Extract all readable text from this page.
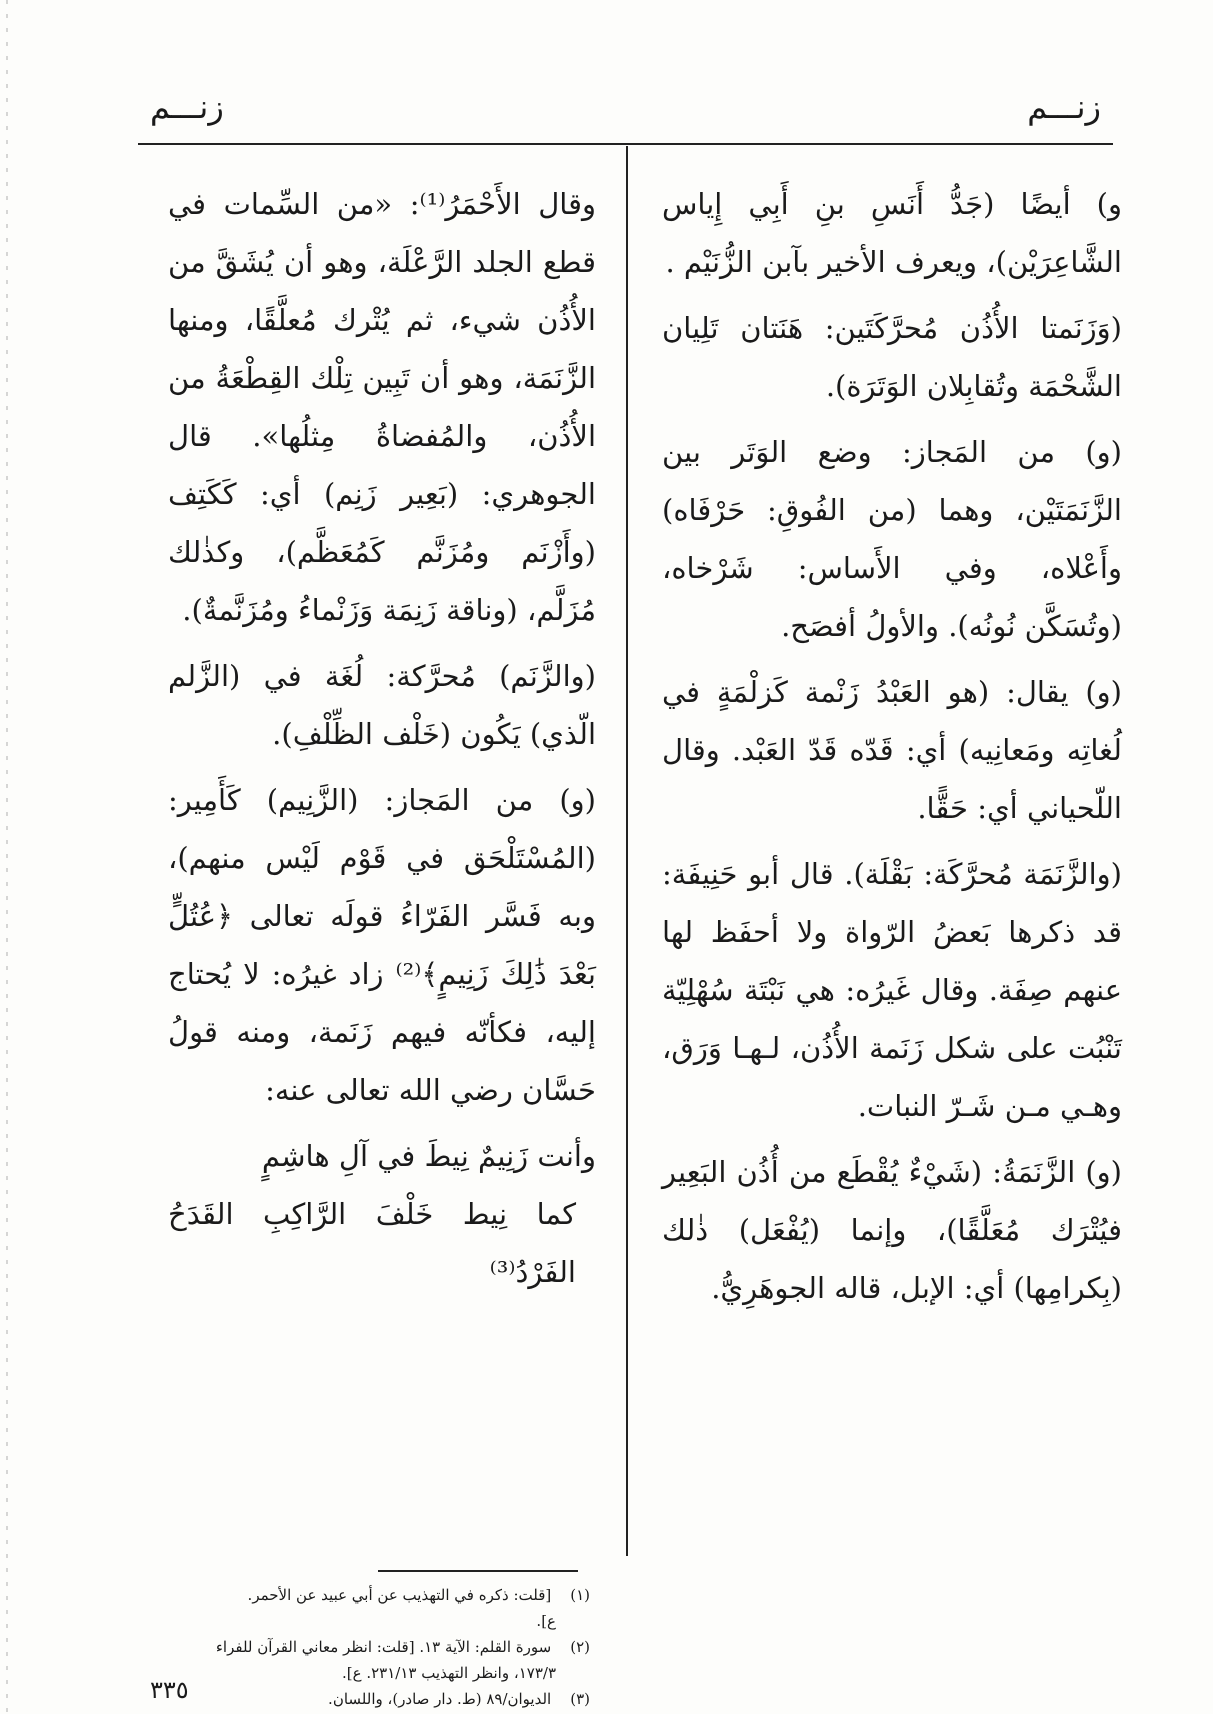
زنـــم
زنـــم

و) أيضًا (جَدُّ أَنَسِ بنِ أَبِي إِياس الشَّاعِرَيْن)، ويعرف الأخير بآبن الزُّنَيْم .

(وَزَنَمتا الأُذُن مُحرَّكَتَين: هَنَتان تَلِيان الشَّحْمَة وتُقابِلان الوَتَرَة).

(و) من المَجاز: وضع الوَتَر بين الزَّنَمَتَيْن، وهما (من الفُوقِ: حَرْفَاه) وأَعْلاه، وفي الأَساس: شَرْخاه، (وتُسَكَّن نُونُه). والأولُ أفصَح.

(و) يقال: (هو العَبْدُ زَنْمة كَزلْمَةٍ في لُغاتِه ومَعانِيه) أي: قَدّه قَدّ العَبْد. وقال اللّحياني أي: حَقًّا.

(والزَّنَمَة مُحرَّكَة: بَقْلَة). قال أبو حَنِيفَة: قد ذكرها بَعضُ الرّواة ولا أحفَظ لها عنهم صِفَة. وقال غَيرُه: هي نَبْتَة سُهْلِيّة تَنْبُت على شكل زَنَمة الأُذُن، لـهـا وَرَق، وهـي مـن شَـرّ النبات.

(و) الزَّنَمَةُ: (شَيْءٌ يُقْطَع من أُذُن البَعِير فيُتْرَك مُعَلَّقًا)، وإنما (يُفْعَل) ذٰلك (بِكرامِها) أي: الإبل، قاله الجوهَرِيُّ.

وقال الأَحْمَرُ⁽¹⁾: «من السِّمات في قطع الجلد الرَّعْلَة، وهو أن يُشَقَّ من الأُذُن شيء، ثم يُتْرك مُعلَّقًا، ومنها الزَّنَمَة، وهو أن تَبِين تِلْك القِطْعَةُ من الأُذُن، والمُفضاةُ مِثلُها». قال الجوهري: (بَعِير زَنِم) أي: كَكَتِف (وأَزْنَم ومُزَنَّم كَمُعَظَّم)، وكذٰلك مُزَلَّم، (وناقة زَنِمَة وَزَنْماءُ ومُزَنَّمةٌ).

(والزَّنَم) مُحرَّكة: لُغَة في (الزَّلم الّذي) يَكُون (خَلْف الظِّلْفِ).

(و) من المَجاز: (الزَّنِيم) كَأَمِير: (المُسْتَلْحَق في قَوْم لَيْس منهم)، وبه فَسَّر الفَرّاءُ قولَه تعالى ﴿عُتُلٍّ بَعْدَ ذَٰلِكَ زَنِيمٍ﴾⁽²⁾ زاد غيرُه: لا يُحتاج إليه، فكأنّه فيهم زَنَمة، ومنه قولُ حَسَّان رضي الله تعالى عنه:

وأنت زَنِيمٌ نِيطَ في آلِ هاشِمٍ
كما نِيط خَلْفَ الرَّاكِبِ القَدَحُ الفَرْدُ⁽³⁾
(١) [قلت: ذكره في التهذيب عن أبي عبيد عن الأحمر.
ع].
(٢) سورة القلم: الآية ١٣. [قلت: انظر معاني القرآن للفراء
١٧٣/٣، وانظر التهذيب ٢٣١/١٣. ع].
(٣) الديوان/٨٩ (ط. دار صادر)، واللسان.
٣٣٥
